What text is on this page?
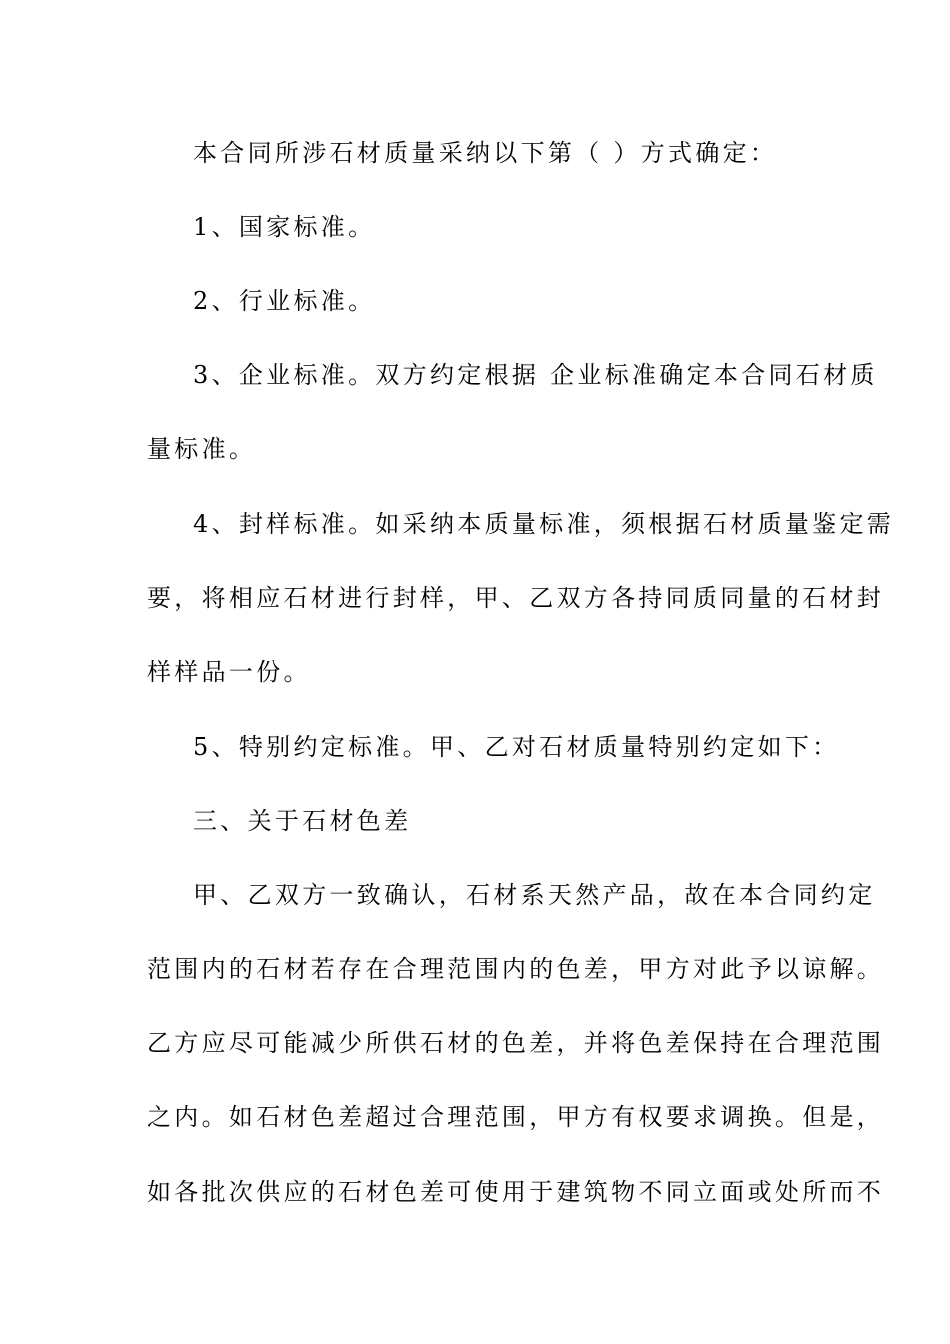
本合同所涉石材质量采纳以下第（ ）方式确定：

1、国家标准。

2、行业标准。

3、企业标准。双方约定根据 企业标准确定本合同石材质

量标准。

4、封样标准。如采纳本质量标准，须根据石材质量鉴定需

要，将相应石材进行封样，甲、乙双方各持同质同量的石材封

样样品一份。

5、特别约定标准。甲、乙对石材质量特别约定如下：

三、关于石材色差

甲、乙双方一致确认，石材系天然产品，故在本合同约定

范围内的石材若存在合理范围内的色差，甲方对此予以谅解。

乙方应尽可能减少所供石材的色差，并将色差保持在合理范围

之内。如石材色差超过合理范围，甲方有权要求调换。但是，

如各批次供应的石材色差可使用于建筑物不同立面或处所而不
